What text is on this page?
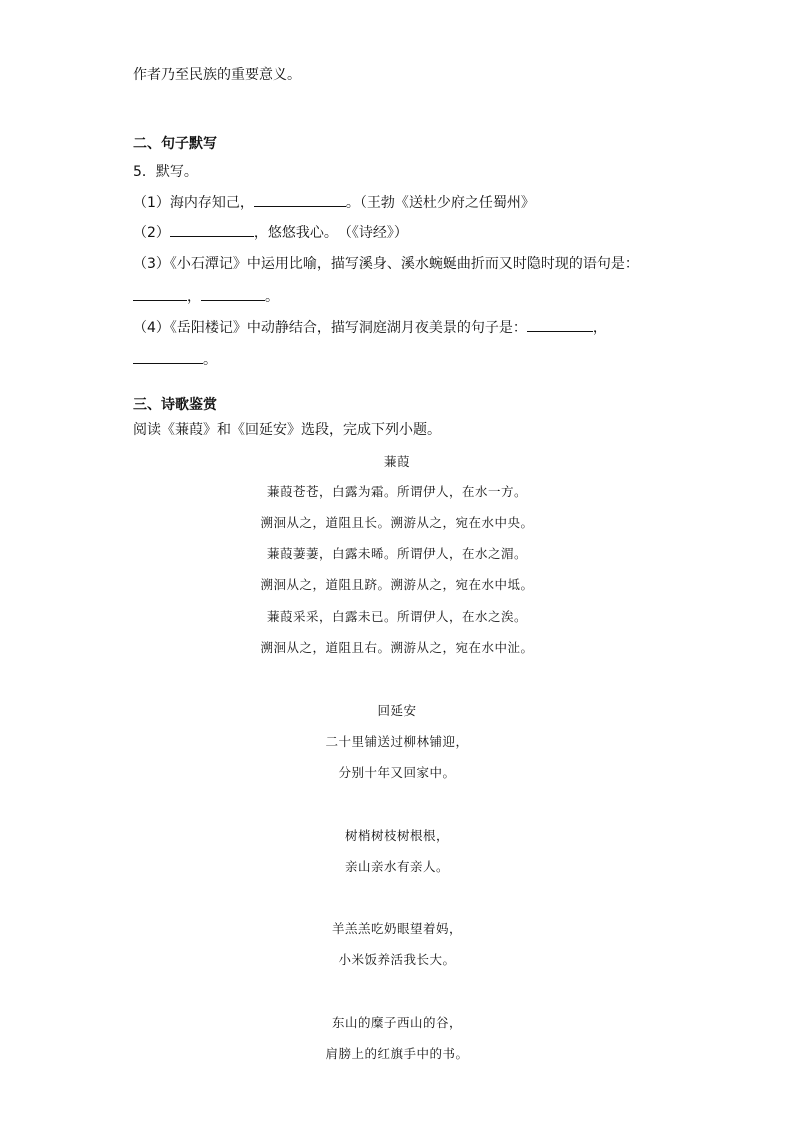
作者乃至民族的重要意义。
二、句子默写
5．默写。
（1）海内存知己，	。（王勃《送杜少府之任蜀州》
（2）	，悠悠我心。　（《诗经》）
（3）《小石潭记》中运用比喻，描写溪身、溪水蜿蜒曲折而又时隐时现的语句是：
，	。
（4）《岳阳楼记》中动静结合，描写洞庭湖月夜美景的句子是：	，
。
三、诗歌鉴赏
阅读《蒹葭》和《回延安》选段，完成下列小题。
蒹葭
蒹葭苍苍，白露为霜。所谓伊人，在水一方。
溯洄从之，道阻且长。溯游从之，宛在水中央。
蒹葭萋萋，白露未晞。所谓伊人，在水之湄。
溯洄从之，道阻且跻。溯游从之，宛在水中坻。
蒹葭采采，白露未已。所谓伊人，在水之涘。
溯洄从之，道阻且右。溯游从之，宛在水中沚。
回延安
二十里铺送过柳林铺迎，
分别十年又回家中。
树梢树枝树根根，
亲山亲水有亲人。
羊羔羔吃奶眼望着妈，
小米饭养活我长大。
东山的糜子西山的谷，
肩膀上的红旗手中的书。
